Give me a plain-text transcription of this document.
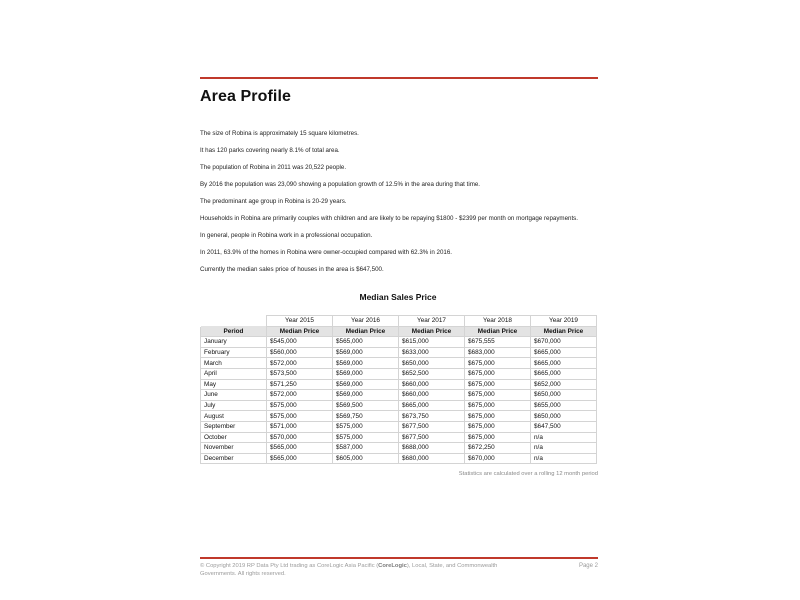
Area Profile

The size of Robina is approximately 15 square kilometres.

It has 120 parks covering nearly 8.1% of total area.

The population of Robina in 2011 was 20,522 people.

By 2016 the population was 23,090 showing a population growth of 12.5% in the area during that time.

The predominant age group in Robina is 20-29 years.

Households in Robina are primarily couples with children and are likely to be repaying $1800 - $2399 per month on mortgage repayments.

In general, people in Robina work in a professional occupation.

In 2011, 63.9% of the homes in Robina were owner-occupied compared with 62.3% in 2016.

Currently the median sales price of houses in the area is $647,500.

Median Sales Price
	Year 2015	Year 2016	Year 2017	Year 2018	Year 2019
Period	Median Price	Median Price	Median Price	Median Price	Median Price
January	$545,000	$565,000	$615,000	$675,555	$670,000
February	$560,000	$569,000	$633,000	$683,000	$665,000
March	$572,000	$569,000	$650,000	$675,000	$665,000
April	$573,500	$569,000	$652,500	$675,000	$665,000
May	$571,250	$569,000	$660,000	$675,000	$652,000
June	$572,000	$569,000	$660,000	$675,000	$650,000
July	$575,000	$569,500	$665,000	$675,000	$655,000
August	$575,000	$569,750	$673,750	$675,000	$650,000
September	$571,000	$575,000	$677,500	$675,000	$647,500
October	$570,000	$575,000	$677,500	$675,000	n/a
November	$565,000	$587,000	$688,000	$672,250	n/a
December	$565,000	$605,000	$680,000	$670,000	n/a
Statistics are calculated over a rolling 12 month period
© Copyright 2019 RP Data Pty Ltd trading as CoreLogic Asia Pacific (CoreLogic), Local, State, and Commonwealth Governments. All rights reserved.
Page 2
